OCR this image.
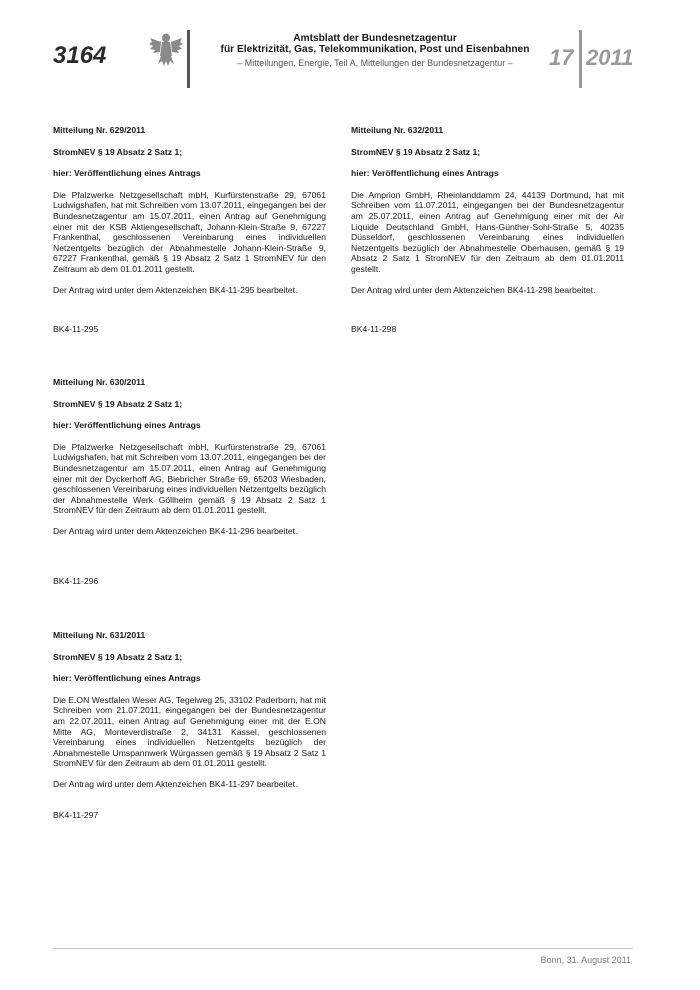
3164
Amtsblatt der Bundesnetzagentur
für Elektrizität, Gas, Telekommunikation, Post und Eisenbahnen
– Mitteilungen, Energie, Teil A, Mitteilungen der Bundesnetzagentur –	17 2011

Mitteilung Nr. 629/2011

StromNEV § 19 Absatz 2 Satz 1;

hier: Veröffentlichung eines Antrags

Die Pfalzwerke Netzgesellschaft mbH, Kurfürstenstraße 29, 67061 Ludwigshafen, hat mit Schreiben vom 13.07.2011, eingegangen bei der Bundesnetzagentur am 15.07.2011, einen Antrag auf Genehmigung einer mit der KSB Aktiengesellschaft, Johann-Klein-Straße 9, 67227 Frankenthal, geschlossenen Vereinbarung eines individuellen Netzentgelts bezüglich der Abnahmestelle Johann-Klein-Straße 9, 67227 Frankenthal, gemäß § 19 Absatz 2 Satz 1 StromNEV für den Zeitraum ab dem 01.01.2011 gestellt.
Der Antrag wird unter dem Aktenzeichen BK4-11-295 bearbeitet.
BK4-11-295

Mitteilung Nr. 630/2011

StromNEV § 19 Absatz 2 Satz 1;

hier: Veröffentlichung eines Antrags

Die Pfalzwerke Netzgesellschaft mbH, Kurfürstenstraße 29, 67061 Ludwigshafen, hat mit Schreiben vom 13.07.2011, eingegangen bei der Bundesnetzagentur am 15.07.2011, einen Antrag auf Genehmigung einer mit der Dyckerhoff AG, Biebricher Straße 69, 65203 Wiesbaden, geschlossenen Vereinbarung eines individuellen Netzentgelts bezüglich der Abnahmestelle Werk Göllheim gemäß § 19 Absatz 2 Satz 1 StromNEV für den Zeitraum ab dem 01.01.2011 gestellt.
Der Antrag wird unter dem Aktenzeichen BK4-11-296 bearbeitet.
BK4-11-296

Mitteilung Nr. 631/2011

StromNEV § 19 Absatz 2 Satz 1;

hier: Veröffentlichung eines Antrags

Die E.ON Westfalen Weser AG, Tegelweg 25, 33102 Paderborn, hat mit Schreiben vom 21.07.2011, eingegangen bei der Bundesnetzagentur am 22.07.2011, einen Antrag auf Genehmigung einer mit der E.ON Mitte AG, Monteverdistraße 2, 34131 Kassel, geschlossenen Vereinbarung eines individuellen Netzentgelts bezüglich der Abnahmestelle Umspannwerk Würgassen gemäß § 19 Absatz 2 Satz 1 StromNEV für den Zeitraum ab dem 01.01.2011 gestellt.
Der Antrag wird unter dem Aktenzeichen BK4-11-297 bearbeitet.
BK4-11-297

Mitteilung Nr. 632/2011

StromNEV § 19 Absatz 2 Satz 1;

hier: Veröffentlichung eines Antrags

Die Amprion GmbH, Rheinlanddamm 24, 44139 Dortmund, hat mit Schreiben vom 11.07.2011, eingegangen bei der Bundesnetzagentur am 25.07.2011, einen Antrag auf Genehmigung einer mit der Air Liquide Deutschland GmbH, Hans-Günther-Sohl-Straße 5, 40235 Düsseldorf, geschlossenen Vereinbarung eines individuellen Netzentgelts bezüglich der Abnahmestelle Oberhausen, gemäß § 19 Absatz 2 Satz 1 StromNEV für den Zeitraum ab dem 01.01.2011 gestellt.
Der Antrag wird unter dem Aktenzeichen BK4-11-298 bearbeitet.
BK4-11-298
Bonn, 31. August 2011
